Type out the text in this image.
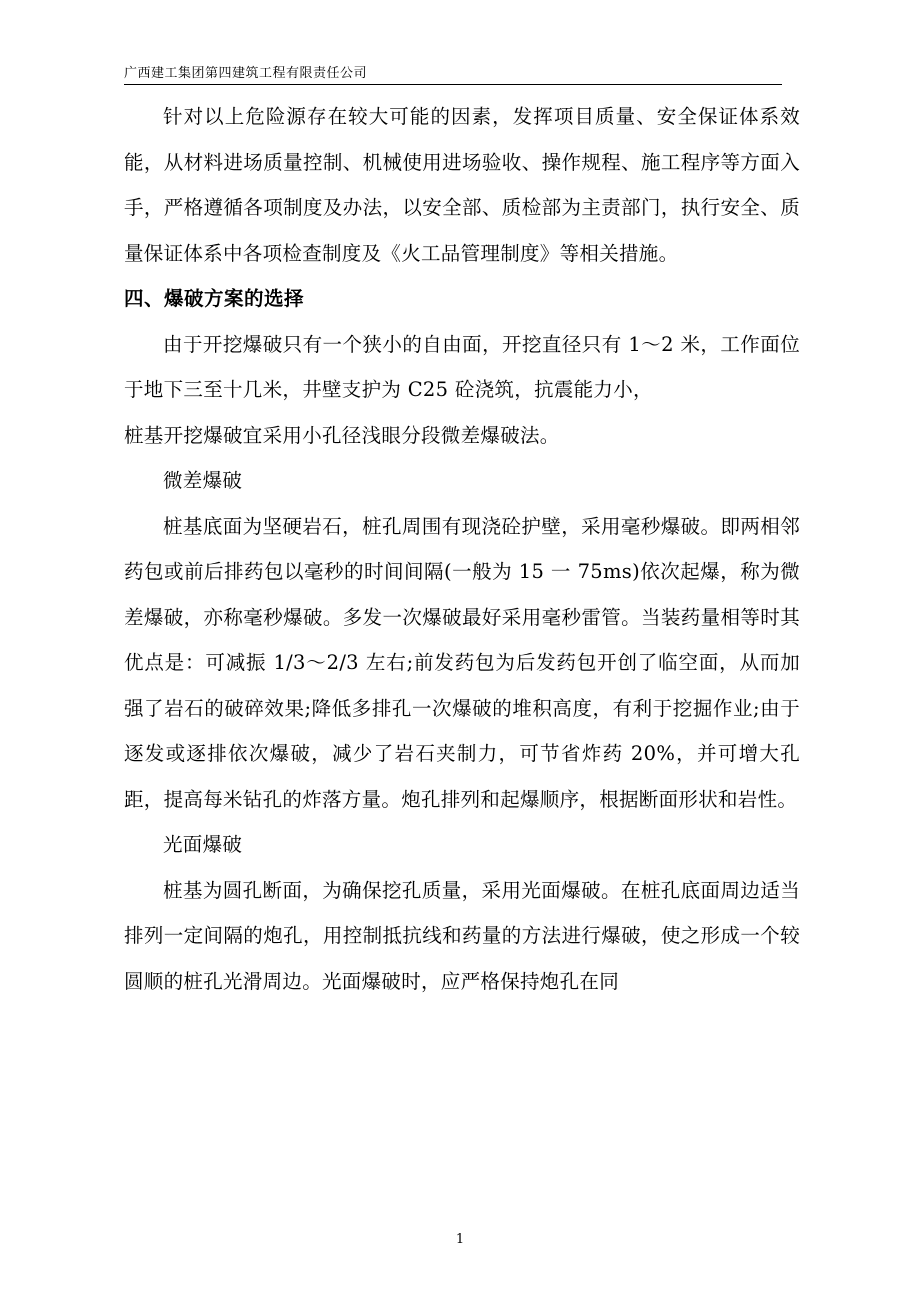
广西建工集团第四建筑工程有限责任公司

针对以上危险源存在较大可能的因素，发挥项目质量、安全保证体系效能，从材料进场质量控制、机械使用进场验收、操作规程、施工程序等方面入手，严格遵循各项制度及办法，以安全部、质检部为主责部门，执行安全、质量保证体系中各项检查制度及《火工品管理制度》等相关措施。

四、爆破方案的选择

由于开挖爆破只有一个狭小的自由面，开挖直径只有 1～2 米，工作面位于地下三至十几米，井壁支护为 C25 砼浇筑，抗震能力小，

桩基开挖爆破宜采用小孔径浅眼分段微差爆破法。

微差爆破

桩基底面为坚硬岩石，桩孔周围有现浇砼护壁，采用毫秒爆破。即两相邻药包或前后排药包以毫秒的时间间隔(一般为 15 一 75ms)依次起爆，称为微差爆破，亦称毫秒爆破。多发一次爆破最好采用毫秒雷管。当装药量相等时其优点是：可减振 1/3～2/3 左右;前发药包为后发药包开创了临空面，从而加强了岩石的破碎效果;降低多排孔一次爆破的堆积高度，有利于挖掘作业;由于逐发或逐排依次爆破，减少了岩石夹制力，可节省炸药 20%，并可增大孔距，提高每米钻孔的炸落方量。炮孔排列和起爆顺序，根据断面形状和岩性。

光面爆破

桩基为圆孔断面，为确保挖孔质量，采用光面爆破。在桩孔底面周边适当排列一定间隔的炮孔，用控制抵抗线和药量的方法进行爆破，使之形成一个较圆顺的桩孔光滑周边。光面爆破时，应严格保持炮孔在同

1
